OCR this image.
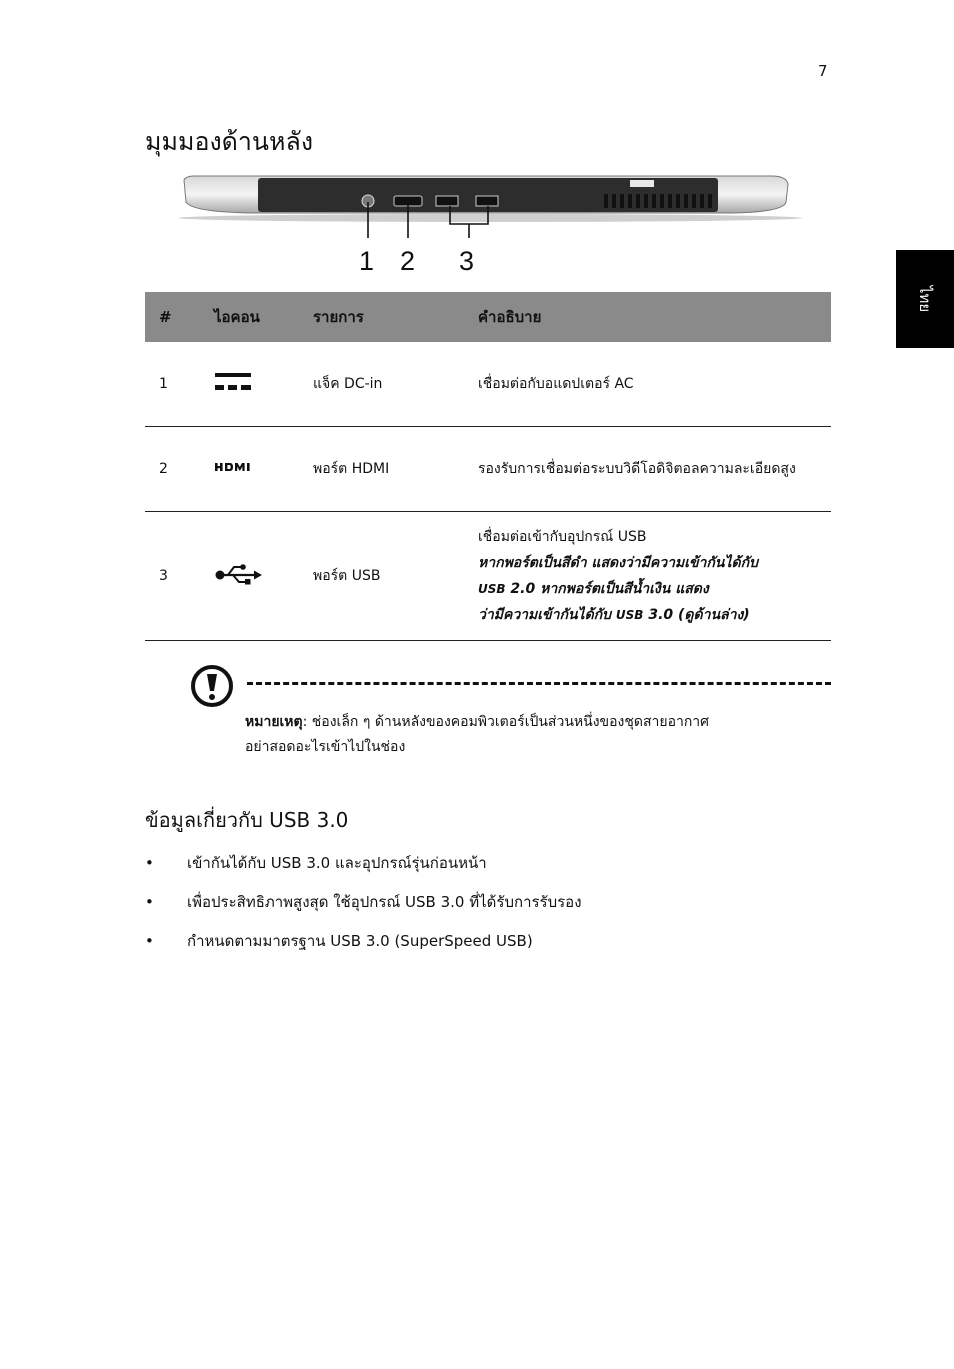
7
ไทย
มุมมองด้านหลัง
1 2 3
#	ไอคอน	รายการ	คำอธิบาย
1		แจ็ค DC-in	เชื่อมต่อกับอแดปเตอร์ AC
2		พอร์ต HDMI	รองรับการเชื่อมต่อระบบวิดีโอดิจิตอลความละเอียดสูง
3		พอร์ต USB	เชื่อมต่อเข้ากับอุปกรณ์ USB
หากพอร์ตเป็นสีดำ แสดงว่ามีความเข้ากันได้กับ
USB 2.0 หากพอร์ตเป็นสีน้ำเงิน แสดง
ว่ามีความเข้ากันได้กับ USB 3.0 (ดูด้านล่าง)
หมายเหตุ: ช่องเล็ก ๆ ด้านหลังของคอมพิวเตอร์เป็นส่วนหนึ่งของชุดสายอากาศ
อย่าสอดอะไรเข้าไปในช่อง
ข้อมูลเกี่ยวกับ USB 3.0
• เข้ากันได้กับ USB 3.0 และอุปกรณ์รุ่นก่อนหน้า
• เพื่อประสิทธิภาพสูงสุด ใช้อุปกรณ์ USB 3.0 ที่ได้รับการรับรอง
• กำหนดตามมาตรฐาน USB 3.0 (SuperSpeed USB)
